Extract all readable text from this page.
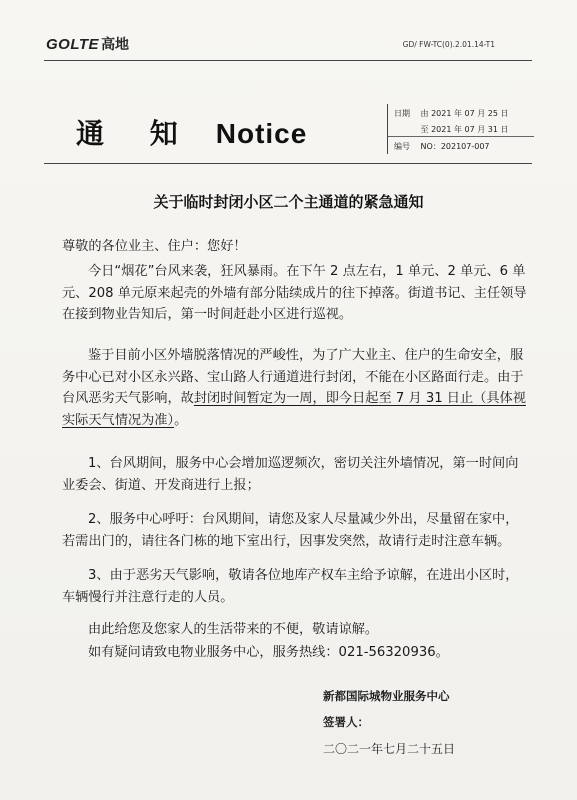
GOLTE 高地	GD/ FW-TC(0).2.01.14-T1
通 知 Notice
日期 由 2021 年 07 月 25 日
至 2021 年 07 月 31 日
编号 NO：202107-007
关于临时封闭小区二个主通道的紧急通知
尊敬的各位业主、住户：您好！
今日“烟花”台风来袭，狂风暴雨。在下午 2 点左右，1 单元、2 单元、6 单元、208 单元原来起壳的外墙有部分陆续成片的往下掉落。街道书记、主任领导在接到物业告知后，第一时间赶赴小区进行巡视。
鉴于目前小区外墙脱落情况的严峻性，为了广大业主、住户的生命安全，服务中心已对小区永兴路、宝山路人行通道进行封闭，不能在小区路面行走。由于台风恶劣天气影响，故封闭时间暂定为一周，即今日起至 7 月 31 日止（具体视实际天气情况为准）。
1、台风期间，服务中心会增加巡逻频次，密切关注外墙情况，第一时间向业委会、街道、开发商进行上报；
2、服务中心呼吁：台风期间，请您及家人尽量减少外出，尽量留在家中，若需出门的，请往各门栋的地下室出行，因事发突然，故请行走时注意车辆。
3、由于恶劣天气影响，敬请各位地库产权车主给予谅解，在进出小区时，车辆慢行并注意行走的人员。
由此给您及您家人的生活带来的不便，敬请谅解。
如有疑问请致电物业服务中心，服务热线：021-56320936。
新都国际城物业服务中心
签署人：
二〇二一年七月二十五日
